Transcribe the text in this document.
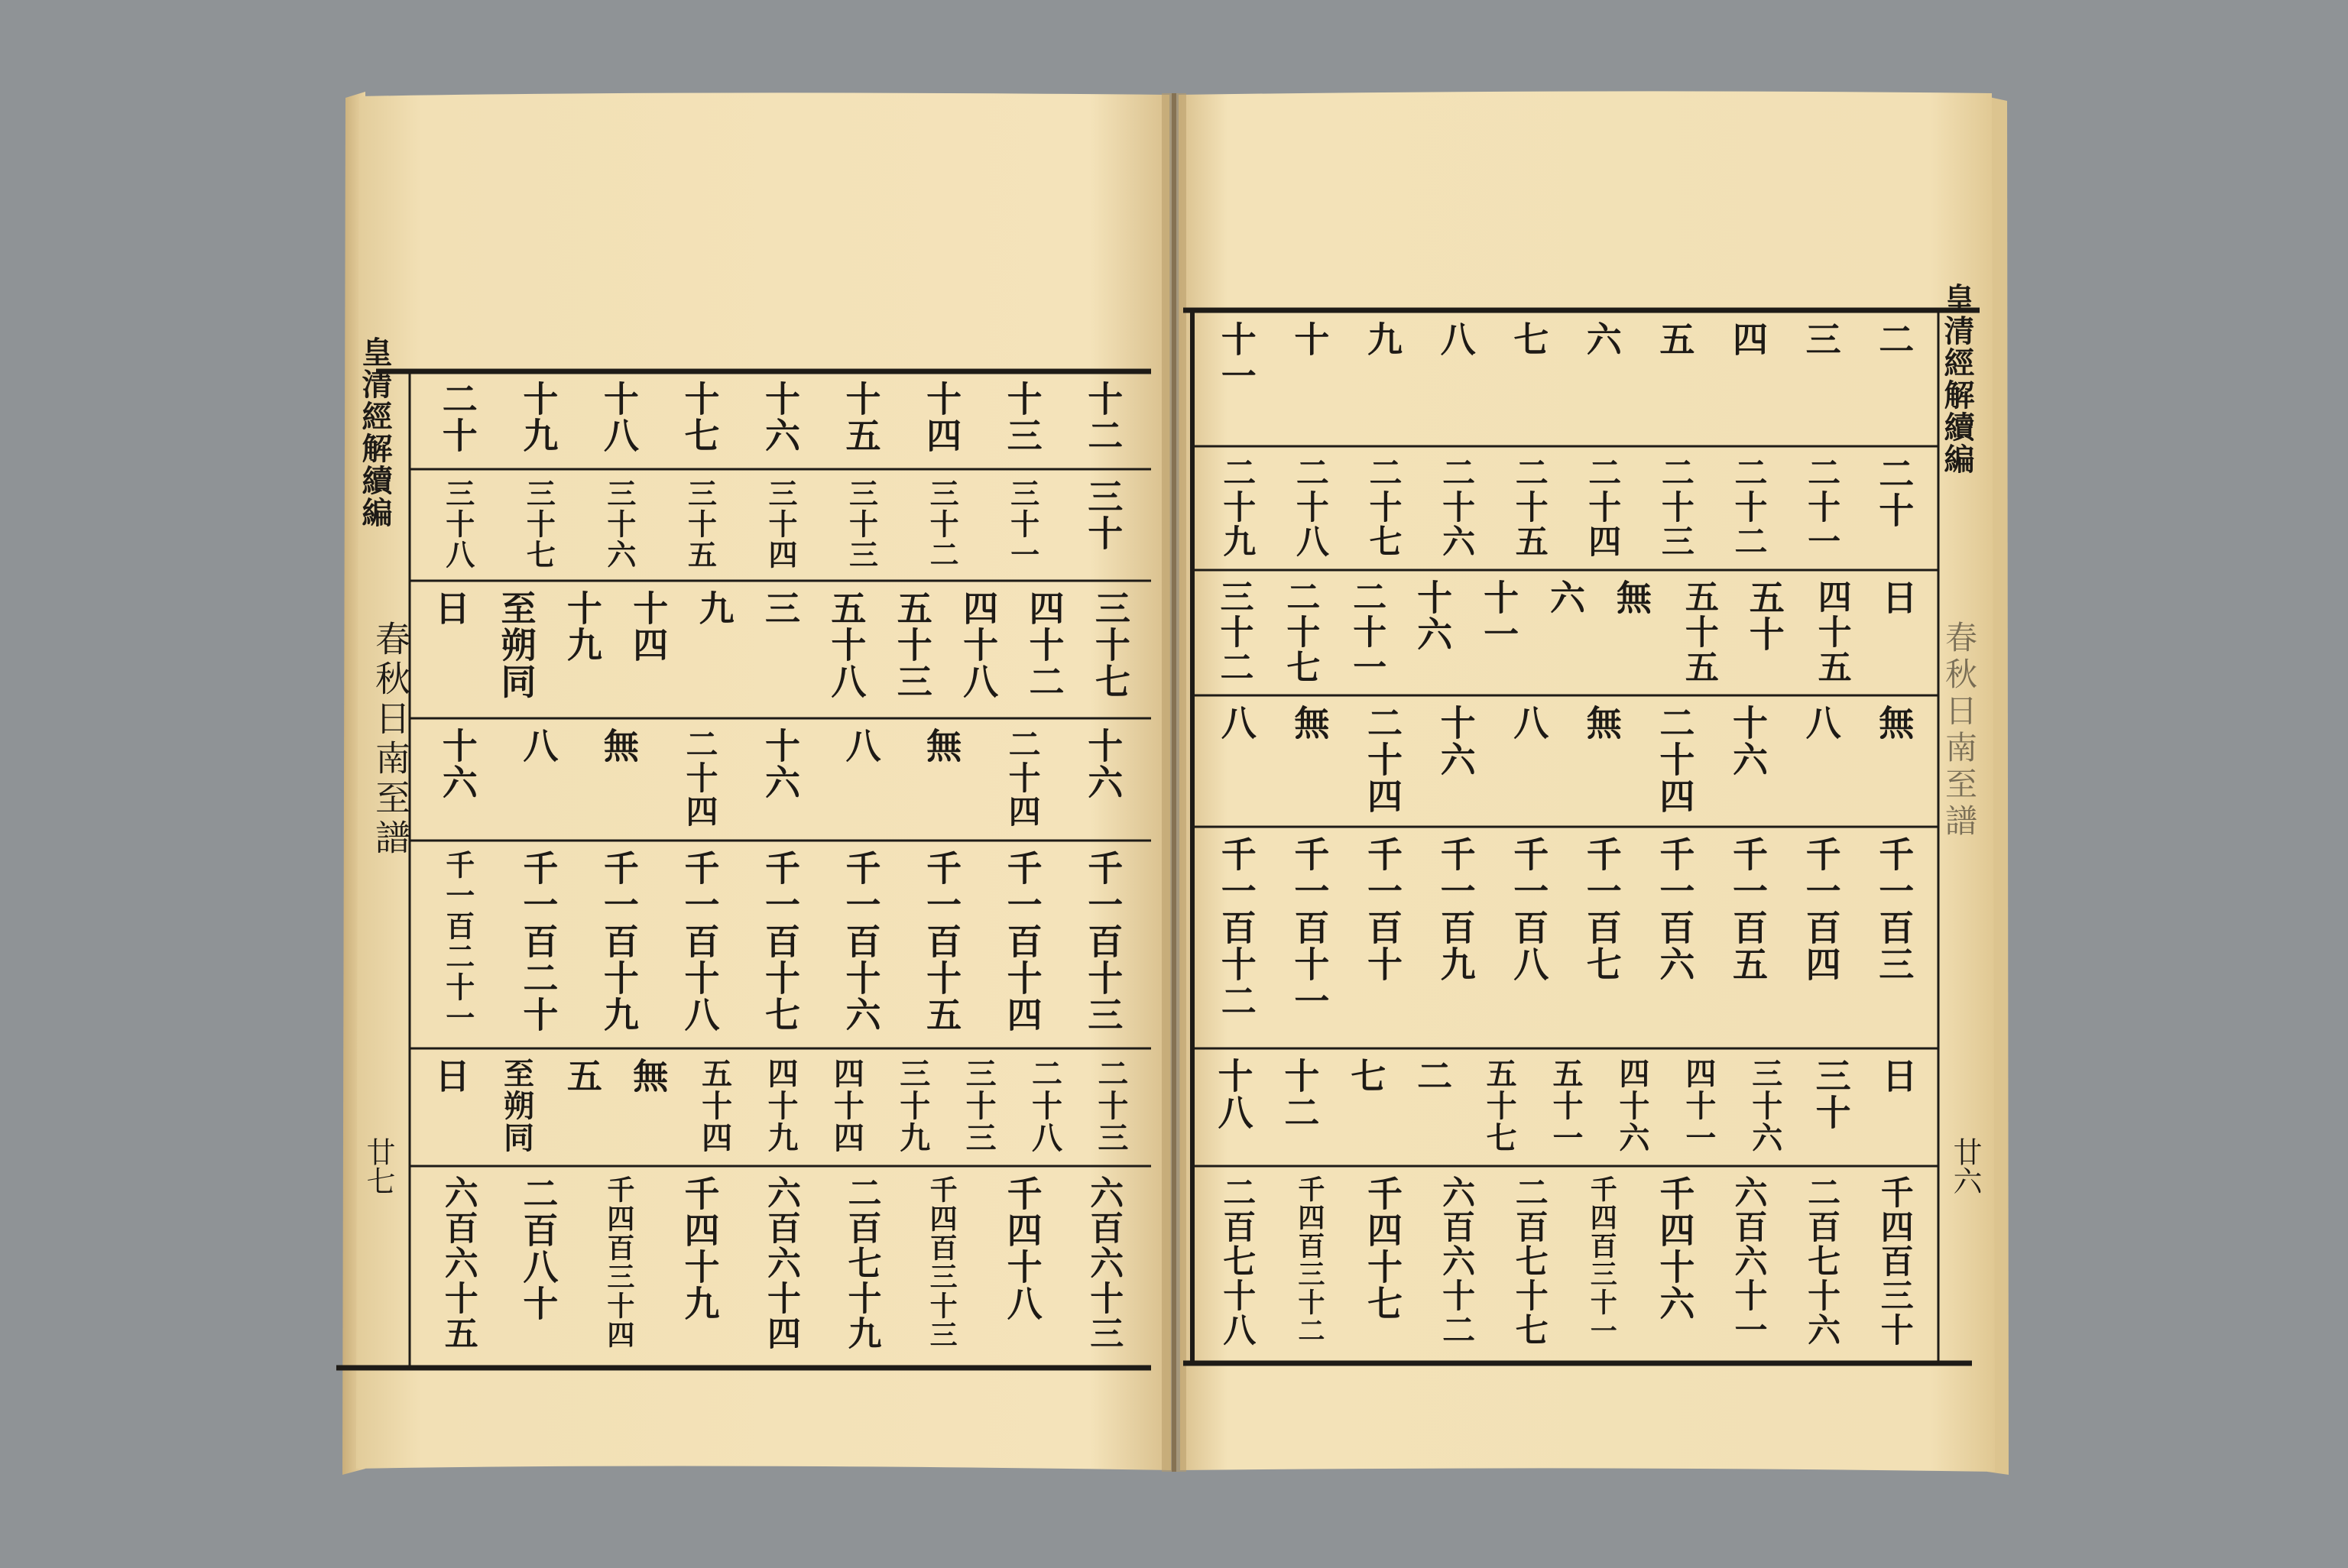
皇清經解續編
春秋日南至譜
廿七
皇清經解續編
春秋日南至譜
廿六
十二
十三
十四
十五
十六
十七
十八
十九
二十
三十
三十一
三十二
三十三
三十四
三十五
三十六
三十七
三十八
三十七
四十二
四十八
五十三
五十八
三
九
十四
十九
至朔同
日
十六
二十四
無
八
十六
二十四
無
八
十六
千一百十三
千一百十四
千一百十五
千一百十六
千一百十七
千一百十八
千一百十九
千一百二十
千一百二十一
二十三
二十八
三十三
三十九
四十四
四十九
五十四
無
五
至朔同
日
六百六十三
千四十八
千四百三十三
二百七十九
六百六十四
千四十九
千四百三十四
二百八十
六百六十五
二
三
四
五
六
七
八
九
十
十一
二十
二十一
二十二
二十三
二十四
二十五
二十六
二十七
二十八
二十九
日
四十五
五十
五十五
無
六
十一
十六
二十一
二十七
三十二
無
八
十六
二十四
無
八
十六
二十四
無
八
千一百三
千一百四
千一百五
千一百六
千一百七
千一百八
千一百九
千一百十
千一百十一
千一百十二
日
三十
三十六
四十一
四十六
五十一
五十七
二
七
十二
十八
千四百三十
二百七十六
六百六十一
千四十六
千四百三十一
二百七十七
六百六十二
千四十七
千四百三十二
二百七十八
